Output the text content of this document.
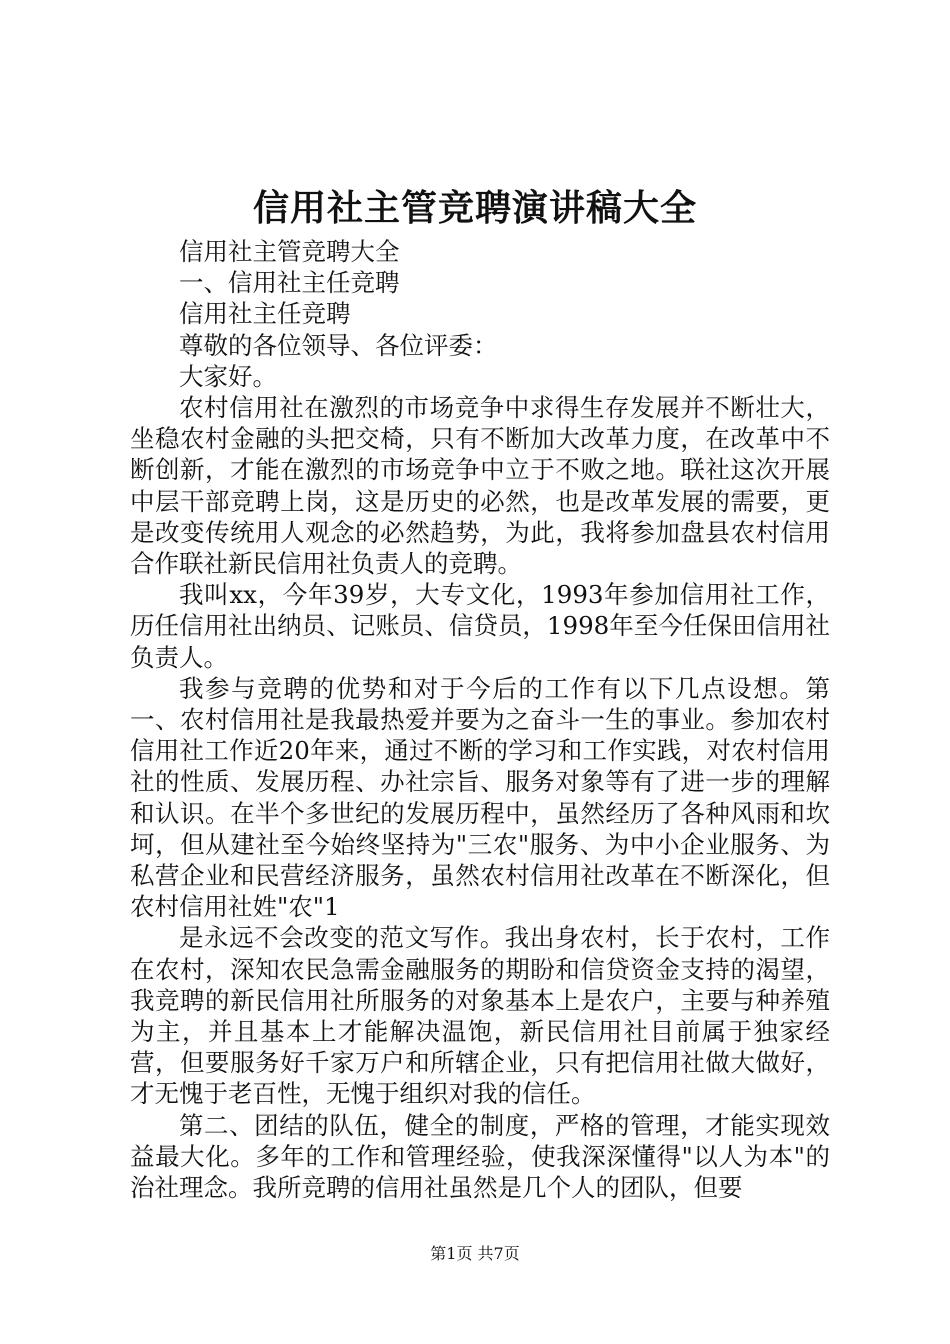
信用社主管竞聘演讲稿大全

信用社主管竞聘大全

一、信用社主任竞聘

信用社主任竞聘

尊敬的各位领导、各位评委：

大家好。

农村信用社在激烈的市场竞争中求得生存发展并不断壮大，坐稳农村金融的头把交椅，只有不断加大改革力度，在改革中不断创新，才能在激烈的市场竞争中立于不败之地。联社这次开展中层干部竞聘上岗，这是历史的必然，也是改革发展的需要，更是改变传统用人观念的必然趋势，为此，我将参加盘县农村信用合作联社新民信用社负责人的竞聘。

我叫xx，今年39岁，大专文化，1993年参加信用社工作，历任信用社出纳员、记账员、信贷员，1998年至今任保田信用社负责人。

我参与竞聘的优势和对于今后的工作有以下几点设想。第一、农村信用社是我最热爱并要为之奋斗一生的事业。参加农村信用社工作近20年来，通过不断的学习和工作实践，对农村信用社的性质、发展历程、办社宗旨、服务对象等有了进一步的理解和认识。在半个多世纪的发展历程中，虽然经历了各种风雨和坎坷，但从建社至今始终坚持为"三农"服务、为中小企业服务、为私营企业和民营经济服务，虽然农村信用社改革在不断深化，但农村信用社姓"农"1

是永远不会改变的范文写作。我出身农村，长于农村，工作在农村，深知农民急需金融服务的期盼和信贷资金支持的渴望，我竞聘的新民信用社所服务的对象基本上是农户，主要与种养殖为主，并且基本上才能解决温饱，新民信用社目前属于独家经营，但要服务好千家万户和所辖企业，只有把信用社做大做好，才无愧于老百性，无愧于组织对我的信任。

第二、团结的队伍，健全的制度，严格的管理，才能实现效益最大化。多年的工作和管理经验，使我深深懂得"以人为本"的治社理念。我所竞聘的信用社虽然是几个人的团队，但要

第1页 共7页
